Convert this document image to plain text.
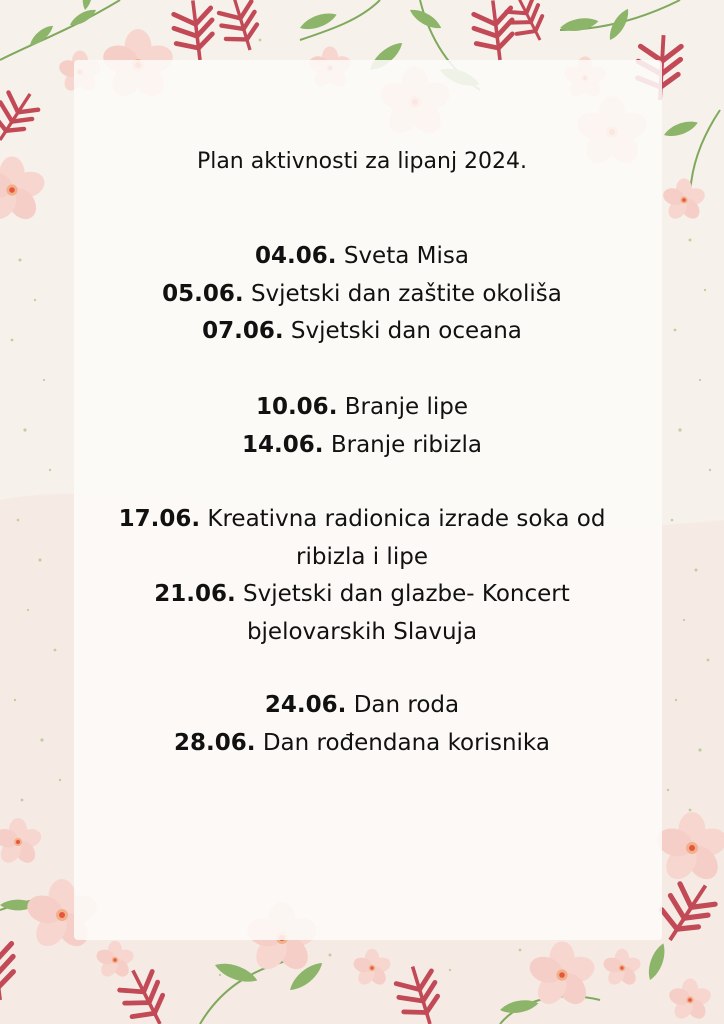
Plan aktivnosti za lipanj 2024.

04.06. Sveta Misa

05.06. Svjetski dan zaštite okoliša

07.06. Svjetski dan oceana

10.06. Branje lipe

14.06. Branje ribizla

17.06. Kreativna radionica izrade soka od

ribizla i lipe

21.06. Svjetski dan glazbe- Koncert

bjelovarskih Slavuja

24.06. Dan roda

28.06. Dan rođendana korisnika
